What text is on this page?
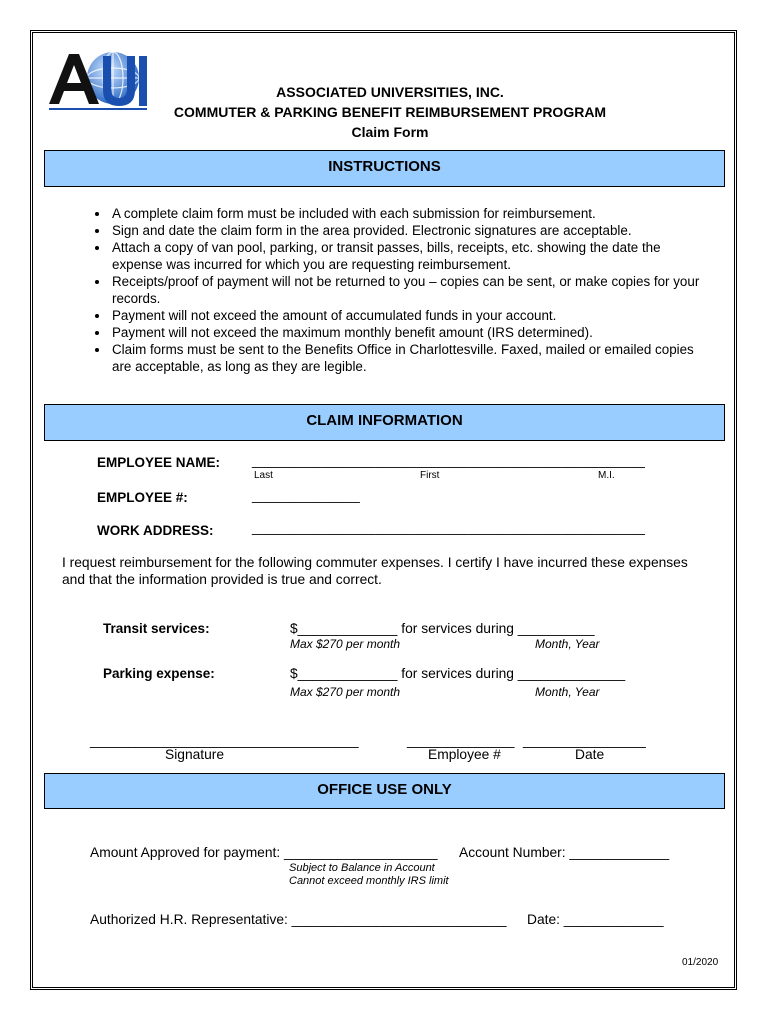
ASSOCIATED UNIVERSITIES, INC.
COMMUTER & PARKING BENEFIT REIMBURSEMENT PROGRAM
Claim Form
INSTRUCTIONS
• A complete claim form must be included with each submission for reimbursement.
• Sign and date the claim form in the area provided. Electronic signatures are acceptable.
• Attach a copy of van pool, parking, or transit passes, bills, receipts, etc. showing the date the expense was incurred for which you are requesting reimbursement.
• Receipts/proof of payment will not be returned to you – copies can be sent, or make copies for your records.
• Payment will not exceed the amount of accumulated funds in your account.
• Payment will not exceed the maximum monthly benefit amount (IRS determined).
• Claim forms must be sent to the Benefits Office in Charlottesville. Faxed, mailed or emailed copies are acceptable, as long as they are legible.
CLAIM INFORMATION
EMPLOYEE NAME: ___________________________________________________
Last	First	M.I.
EMPLOYEE #:	______________
WORK ADDRESS:	___________________________________________________
I request reimbursement for the following commuter expenses. I certify I have incurred these expenses
and that the information provided is true and correct.
Transit services:	$_____________ for services during __________
Max $270 per month	Month, Year
Parking expense:	$_____________ for services during ______________
Max $270 per month	Month, Year
___________________________________
Signature
______________
Employee #
________________
Date
OFFICE USE ONLY
Amount Approved for payment: ____________________ Account Number: _____________
Subject to Balance in Account
Cannot exceed monthly IRS limit
Authorized H.R. Representative: ____________________________ Date: _____________
01/2020
